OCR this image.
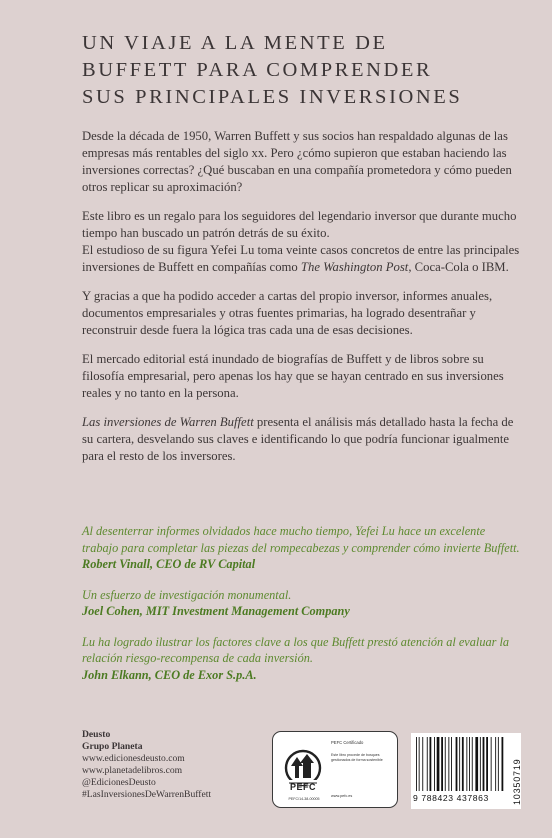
UN VIAJE A LA MENTE DE
BUFFETT PARA COMPRENDER
SUS PRINCIPALES INVERSIONES

Desde la década de 1950, Warren Buffett y sus socios han respaldado algunas de las empresas más rentables del siglo xx. Pero ¿cómo supieron que estaban haciendo las inversiones correctas? ¿Qué buscaban en una compañía prometedora y cómo pueden otros replicar su aproximación?

Este libro es un regalo para los seguidores del legendario inversor que durante mucho tiempo han buscado un patrón detrás de su éxito.

El estudioso de su figura Yefei Lu toma veinte casos concretos de entre las principales inversiones de Buffett en compañías como The Washington Post, Coca-Cola o IBM.

Y gracias a que ha podido acceder a cartas del propio inversor, informes anuales, documentos empresariales y otras fuentes primarias, ha logrado desentrañar y reconstruir desde fuera la lógica tras cada una de esas decisiones.

El mercado editorial está inundado de biografías de Buffett y de libros sobre su filosofía empresarial, pero apenas los hay que se hayan centrado en sus inversiones reales y no tanto en la persona.

Las inversiones de Warren Buffett presenta el análisis más detallado hasta la fecha de su cartera, desvelando sus claves e identificando lo que podría funcionar igualmente para el resto de los inversores.

Al desenterrar informes olvidados hace mucho tiempo, Yefei Lu hace un excelente trabajo para completar las piezas del rompecabezas y comprender cómo invierte Buffett.

Robert Vinall, CEO de RV Capital

Un esfuerzo de investigación monumental.

Joel Cohen, MIT Investment Management Company

Lu ha logrado ilustrar los factores clave a los que Buffett prestó atención al evaluar la relación riesgo-recompensa de cada inversión.

John Elkann, CEO de Exor S.p.A.

Deusto
Grupo Planeta
www.edicionesdeusto.com
www.planetadelibros.com
@EdicionesDeusto
#LasInversionesDeWarrenBuffett
PEFC
PEFC/14-38-00005
PEFC Certificado
Este libro procede de bosques gestionados de forma sostenible
www.pefc.es	9 788423 437863	10350719
